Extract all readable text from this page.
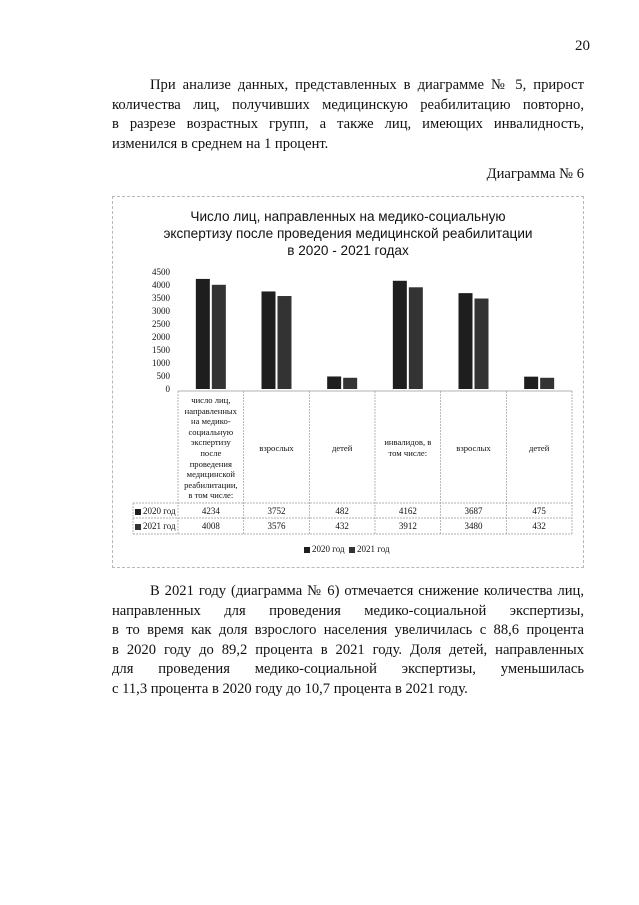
20
При анализе данных, представленных в диаграмме № 5, прирост
количества лиц, получивших медицинскую реабилитацию повторно,
в разрезе возрастных групп, а также лиц, имеющих инвалидность,
изменился в среднем на 1 процент.
Диаграмма № 6
Число лиц, направленных на медико-социальную
экспертизу после проведения медицинской реабилитации
в 2020 - 2021 годах
4500
4000
3500
3000
2500
2000
1500
1000
500
0
число лиц,
направленных
на медико-
социальную
экспертизу
после
проведения
медицинской
реабилитации,
в том числе:
взрослых	детей
инвалидов, в
том числе:
взрослых	детей
2020 год	4234	3752	482	4162	3687	475
2021 год	4008	3576	432	3912	3480	432
2020 год 2021 год
В 2021 году (диаграмма № 6) отмечается снижение количества лиц,
направленных для проведения медико-социальной экспертизы,
в то время как доля взрослого населения увеличилась с 88,6 процента
в 2020 году до 89,2 процента в 2021 году. Доля детей, направленных
для проведения медико-социальной экспертизы, уменьшилась
с 11,3 процента в 2020 году до 10,7 процента в 2021 году.
